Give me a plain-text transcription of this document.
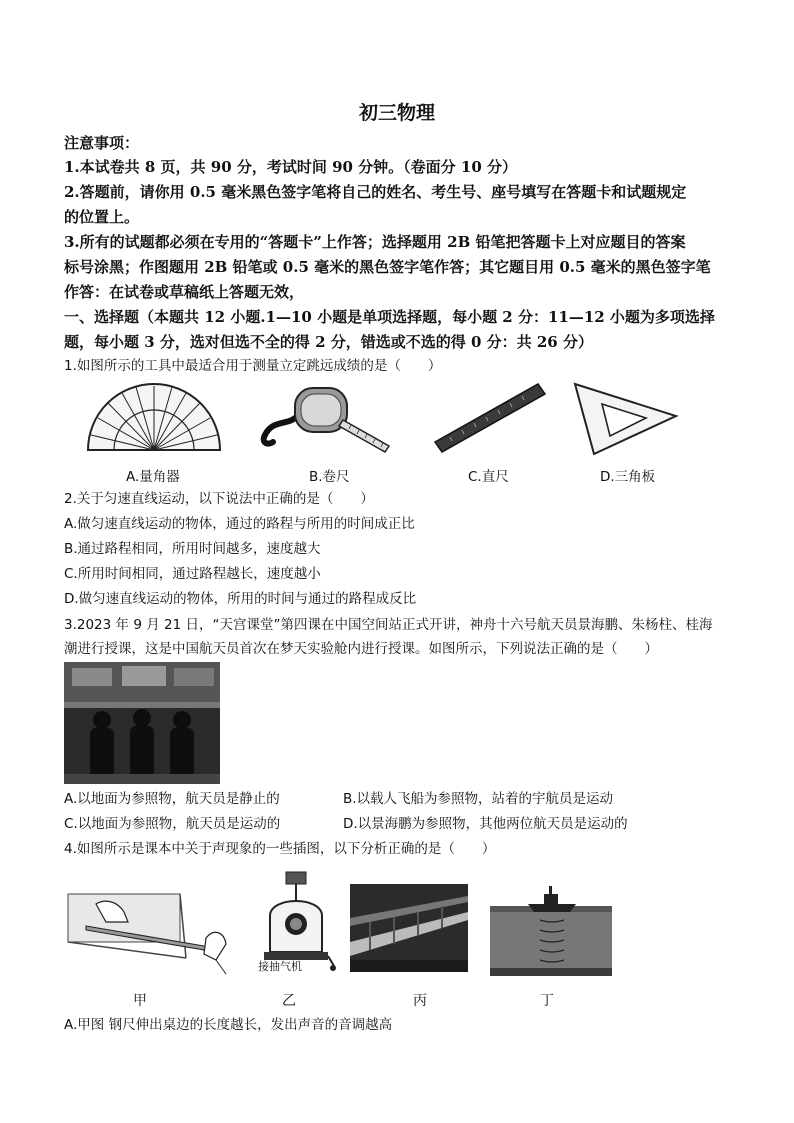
初三物理
注意事项：
1.本试卷共 8 页，共 90 分，考试时间 90 分钟。（卷面分 10 分）
2.答题前，请你用 0.5 毫米黑色签字笔将自己的姓名、考生号、座号填写在答题卡和试题规定
的位置上。
3.所有的试题都必须在专用的“答题卡”上作答；选择题用 2B 铅笔把答题卡上对应题目的答案
标号涂黑；作图题用 2B 铅笔或 0.5 毫米的黑色签字笔作答；其它题目用 0.5 毫米的黑色签字笔
作答：在试卷或草稿纸上答题无效，
一、选择题（本题共 12 小题.1—10 小题是单项选择题，每小题 2 分：11—12 小题为多项选择
题，每小题 3 分，选对但选不全的得 2 分，错选或不选的得 0 分：共 26 分）
1.如图所示的工具中最适合用于测量立定跳远成绩的是（　　）
A.量角器	B.卷尺	C.直尺	D.三角板
2.关于匀速直线运动，以下说法中正确的是（　　）
A.做匀速直线运动的物体，通过的路程与所用的时间成正比
B.通过路程相同，所用时间越多，速度越大
C.所用时间相同，通过路程越长，速度越小
D.做匀速直线运动的物体，所用的时间与通过的路程成反比
3.2023 年 9 月 21 日，“天宫课堂”第四课在中国空间站正式开讲，神舟十六号航天员景海鹏、朱杨柱、桂海
潮进行授课，这是中国航天员首次在梦天实验舱内进行授课。如图所示，下列说法正确的是（　　）
A.以地面为参照物，航天员是静止的	B.以载人飞船为参照物，站着的宇航员是运动
C.以地面为参照物，航天员是运动的	D.以景海鹏为参照物，其他两位航天员是运动的
4.如图所示是课本中关于声现象的一些插图，以下分析正确的是（　　）
接抽气机
甲	乙	丙	丁
A.甲图 钢尺伸出桌边的长度越长，发出声音的音调越高
